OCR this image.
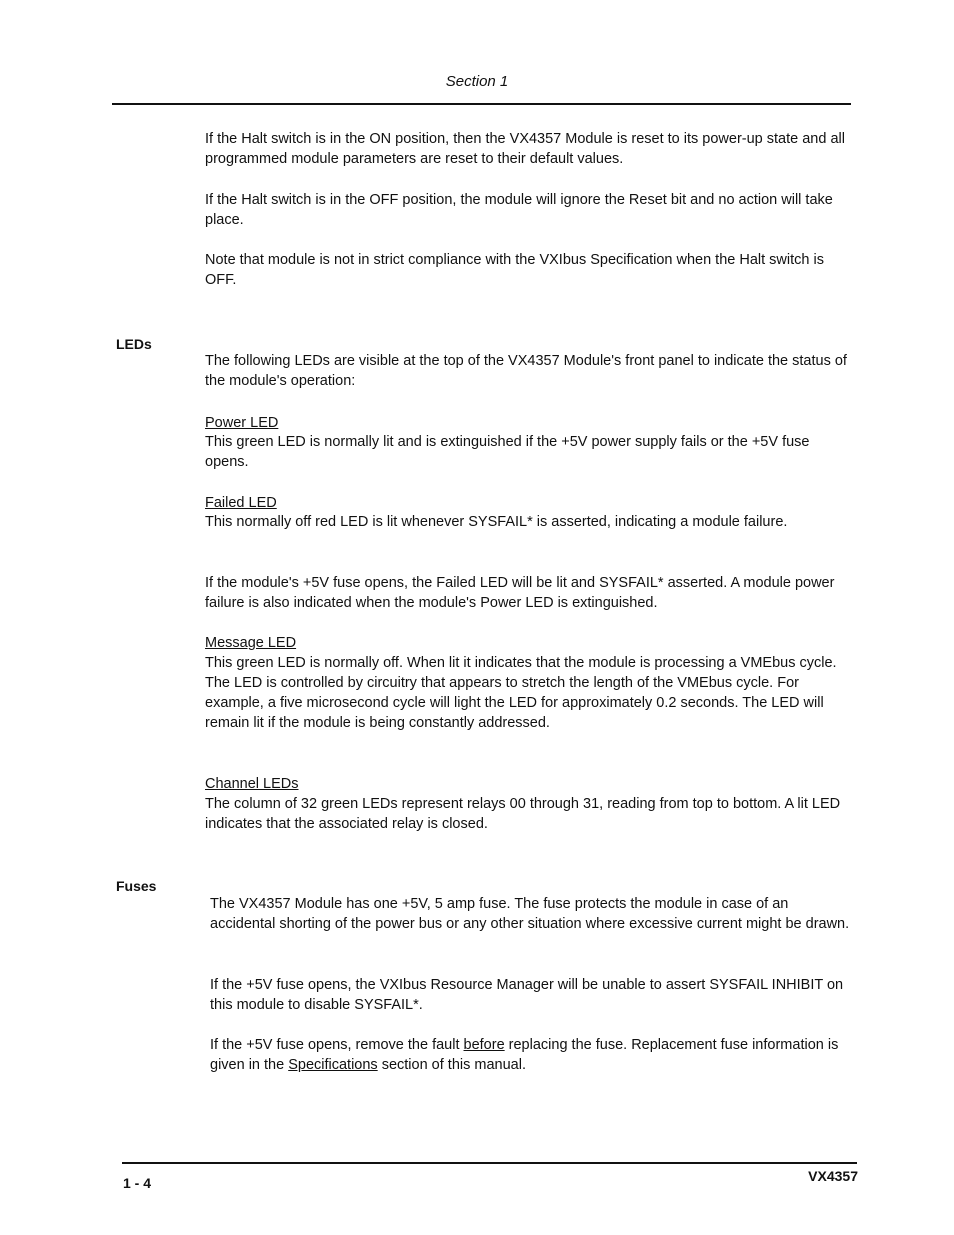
Section 1

If the Halt switch is in the ON position, then the VX4357 Module is reset to its power-up state and all programmed module parameters are reset to their default values.

If the Halt switch is in the OFF position, the module will ignore the Reset bit and no action will take place.

Note that module is not in strict compliance with the VXIbus Specification when the Halt switch is OFF.

LEDs

The following LEDs are visible at the top of the VX4357 Module's front panel to indicate the status of the module's operation:

Power LED

This green LED is normally lit and is extinguished if the +5V power supply fails or the +5V fuse opens.

Failed LED

This normally off red LED is lit whenever SYSFAIL* is asserted, indicating a module failure.

If the module's +5V fuse opens, the Failed LED will be lit and SYSFAIL* asserted. A module power failure is also indicated when the module's Power LED is extinguished.

Message LED

This green LED is normally off. When lit it indicates that the module is processing a VMEbus cycle. The LED is controlled by circuitry that appears to stretch the length of the VMEbus cycle. For example, a five microsecond cycle will light the LED for approximately 0.2 seconds. The LED will remain lit if the module is being constantly addressed.

Channel LEDs

The column of 32 green LEDs represent relays 00 through 31, reading from top to bottom. A lit LED indicates that the associated relay is closed.

Fuses

The VX4357 Module has one +5V, 5 amp fuse. The fuse protects the module in case of an accidental shorting of the power bus or any other situation where excessive current might be drawn.

If the +5V fuse opens, the VXIbus Resource Manager will be unable to assert SYSFAIL INHIBIT on this module to disable SYSFAIL*.

If the +5V fuse opens, remove the fault before replacing the fuse. Replacement fuse information is given in the Specifications section of this manual.

1 - 4	VX4357
